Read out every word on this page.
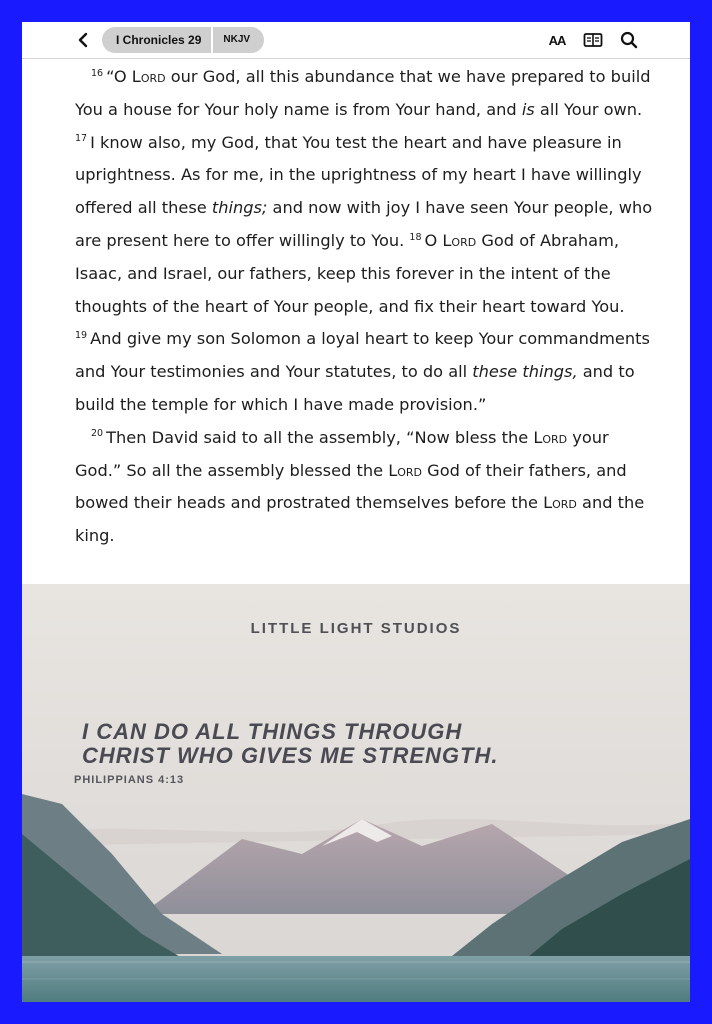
I Chronicles 29	NKJV	AA

$^{16}$ “O Lord our God, all this abundance that we have prepared to build You a house for Your holy name is from Your hand, and is all Your own. $^{17}$ I know also, my God, that You test the heart and have pleasure in uprightness. As for me, in the uprightness of my heart I have willingly offered all these things; and now with joy I have seen Your people, who are present here to offer willingly to You. $^{18}$ O Lord God of Abraham, Isaac, and Israel, our fathers, keep this forever in the intent of the thoughts of the heart of Your people, and fix their heart toward You. $^{19}$ And give my son Solomon a loyal heart to keep Your commandments and Your testimonies and Your statutes, to do all these things, and to build the temple for which I have made provision.”

$^{20}$ Then David said to all the assembly, “Now bless the Lord your God.” So all the assembly blessed the Lord God of their fathers, and bowed their heads and prostrated themselves before the Lord and the king.

LITTLE LIGHT STUDIOS
I CAN DO ALL THINGS THROUGH
CHRIST WHO GIVES ME STRENGTH.
PHILIPPIANS 4:13
